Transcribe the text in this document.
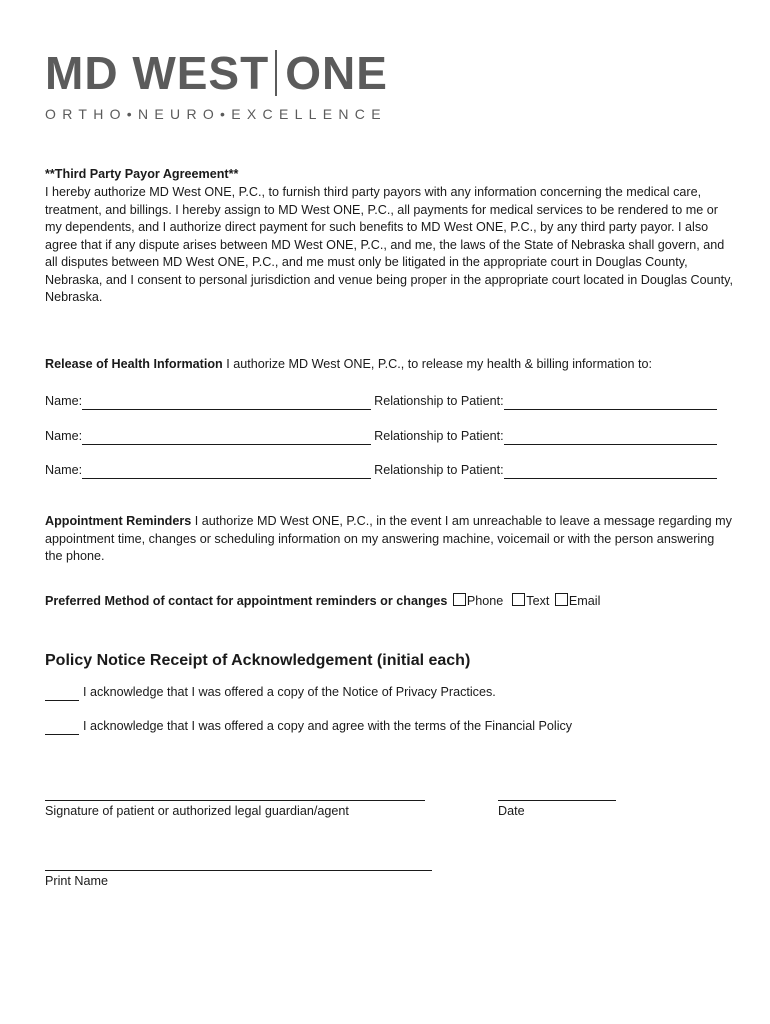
MD WEST ONE
ORTHO•NEURO•EXCELLENCE
**Third Party Payor Agreement**
I hereby authorize MD West ONE, P.C., to furnish third party payors with any information concerning the medical care, treatment, and billings. I hereby assign to MD West ONE, P.C., all payments for medical services to be rendered to me or my dependents, and I authorize direct payment for such benefits to MD West ONE, P.C., by any third party payor. I also agree that if any dispute arises between MD West ONE, P.C., and me, the laws of the State of Nebraska shall govern, and all disputes between MD West ONE, P.C., and me must only be litigated in the appropriate court in Douglas County, Nebraska, and I consent to personal jurisdiction and venue being proper in the appropriate court located in Douglas County, Nebraska.
Release of Health Information I authorize MD West ONE, P.C., to release my health & billing information to:
Name:	Relationship to Patient:
Name:	Relationship to Patient:
Name:	Relationship to Patient:
Appointment Reminders I authorize MD West ONE, P.C., in the event I am unreachable to leave a message regarding my appointment time, changes or scheduling information on my answering machine, voicemail or with the person answering the phone.
Preferred Method of contact for appointment reminders or changes Phone Text Email
Policy Notice Receipt of Acknowledgement (initial each)
I acknowledge that I was offered a copy of the Notice of Privacy Practices.
I acknowledge that I was offered a copy and agree with the terms of the Financial Policy
Signature of patient or authorized legal guardian/agent	Date
Print Name
